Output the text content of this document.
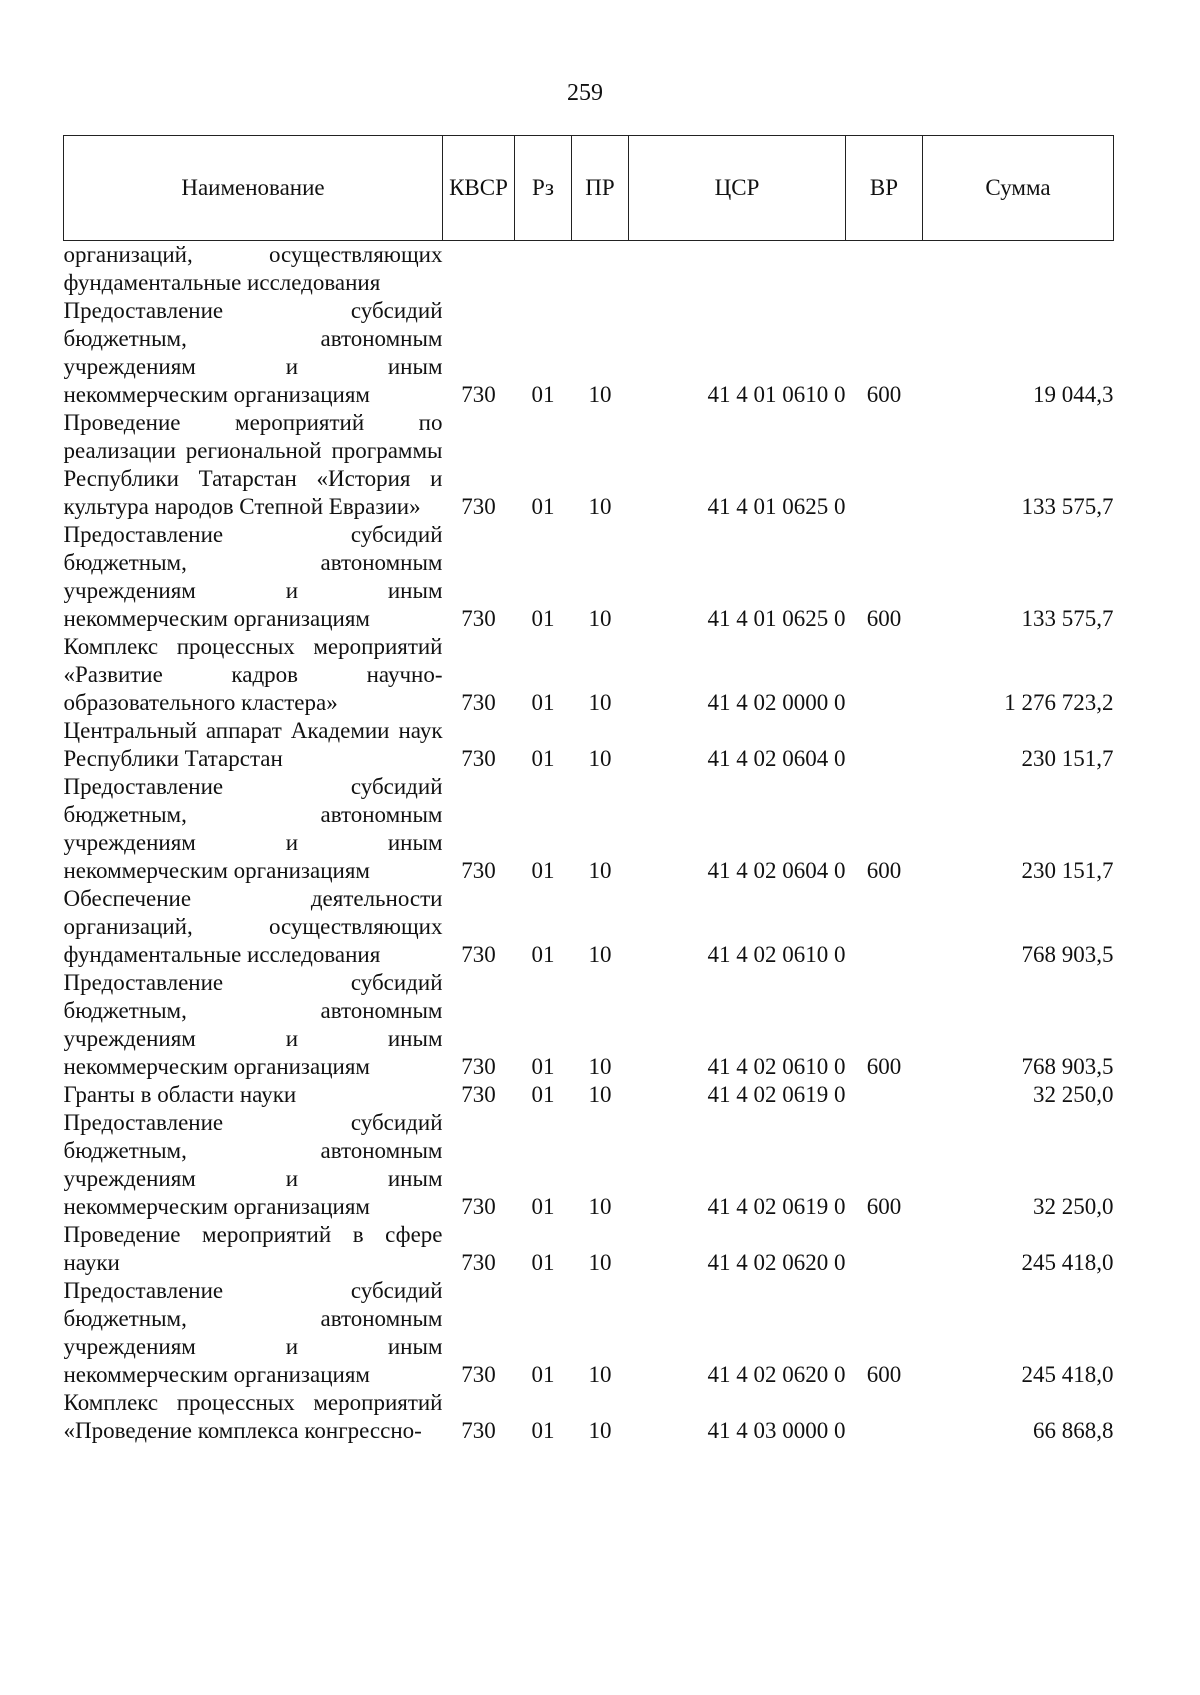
259
Наименование	КВСР	Рз	ПР	ЦСР	ВР	Сумма
организаций, осуществляющих фундаментальные исследования						
Предоставление субсидий бюджетным, автономным учреждениям и иным некоммерческим организациям	730	01	10	41 4 01 0610 0	600	19 044,3
Проведение мероприятий по реализации региональной программы Республики Татарстан «История и культура народов Степной Евразии»	730	01	10	41 4 01 0625 0		133 575,7
Предоставление субсидий бюджетным, автономным учреждениям и иным некоммерческим организациям	730	01	10	41 4 01 0625 0	600	133 575,7
Комплекс процессных мероприятий «Развитие кадров научно-образовательного кластера»	730	01	10	41 4 02 0000 0		1 276 723,2
Центральный аппарат Академии наук Республики Татарстан	730	01	10	41 4 02 0604 0		230 151,7
Предоставление субсидий бюджетным, автономным учреждениям и иным некоммерческим организациям	730	01	10	41 4 02 0604 0	600	230 151,7
Обеспечение деятельности организаций, осуществляющих фундаментальные исследования	730	01	10	41 4 02 0610 0		768 903,5
Предоставление субсидий бюджетным, автономным учреждениям и иным некоммерческим организациям	730	01	10	41 4 02 0610 0	600	768 903,5
Гранты в области науки	730	01	10	41 4 02 0619 0		32 250,0
Предоставление субсидий бюджетным, автономным учреждениям и иным некоммерческим организациям	730	01	10	41 4 02 0619 0	600	32 250,0
Проведение мероприятий в сфере науки	730	01	10	41 4 02 0620 0		245 418,0
Предоставление субсидий бюджетным, автономным учреждениям и иным некоммерческим организациям	730	01	10	41 4 02 0620 0	600	245 418,0
Комплекс процессных мероприятий «Проведение комплекса конгрессно-	730	01	10	41 4 03 0000 0		66 868,8
